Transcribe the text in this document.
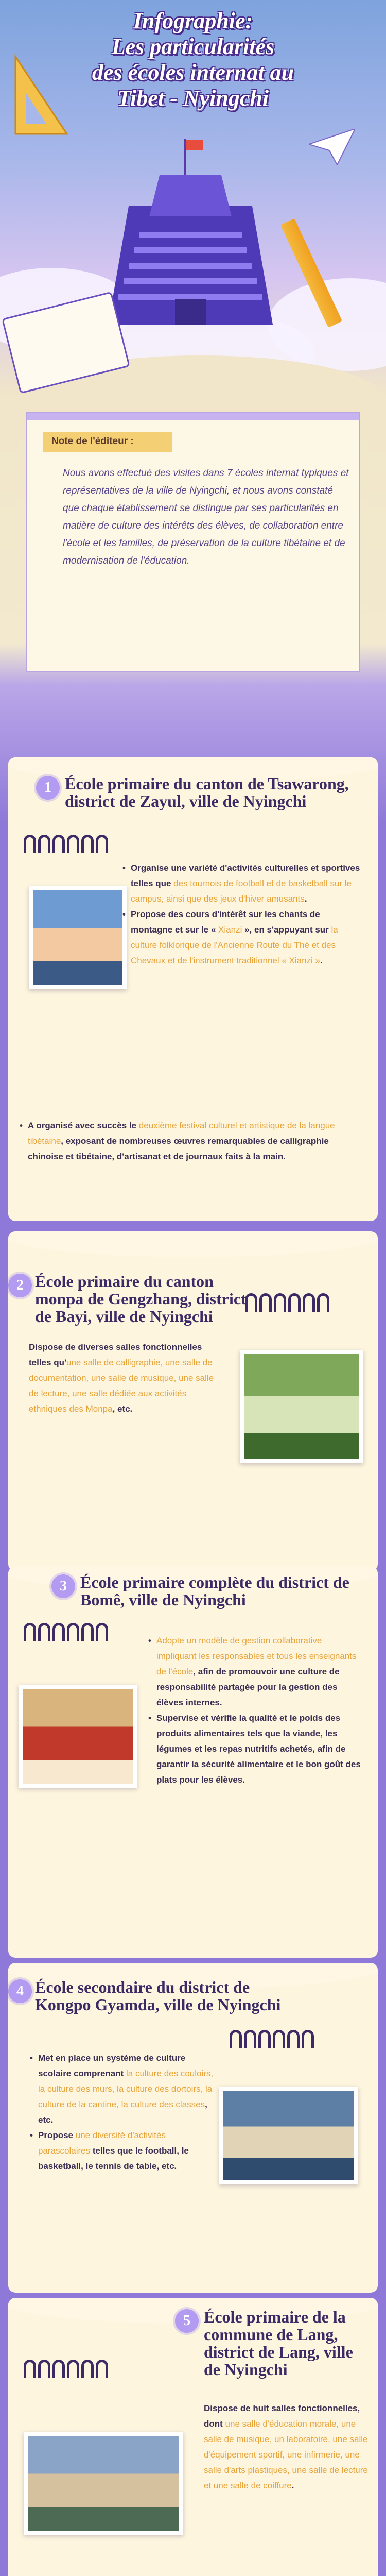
Infographie:
Les particularités
des écoles internat au
Tibet - Nyingchi
Note de l'éditeur :
Nous avons effectué des visites dans 7 écoles internat typiques et représentatives de la ville de Nyingchi, et nous avons constaté que chaque établissement se distingue par ses particularités en matière de culture des intérêts des élèves, de collaboration entre l'école et les familles, de préservation de la culture tibétaine et de modernisation de l'éducation.
1 École primaire du canton de Tsawarong, district de Zayul, ville de Nyingchi
• Organise une variété d'activités culturelles et sportives telles que des tournois de football et de basketball sur le campus, ainsi que des jeux d'hiver amusants.
• Propose des cours d'intérêt sur les chants de montagne et sur le « Xianzi », en s'appuyant sur la culture folklorique de l'Ancienne Route du Thé et des Chevaux et de l'instrument traditionnel « Xianzi ».
• A organisé avec succès le deuxième festival culturel et artistique de la langue tibétaine, exposant de nombreuses œuvres remarquables de calligraphie chinoise et tibétaine, d'artisanat et de journaux faits à la main.
2 École primaire du canton monpa de Gengzhang, district de Bayi, ville de Nyingchi
Dispose de diverses salles fonctionnelles telles qu'une salle de calligraphie, une salle de documentation, une salle de musique, une salle de lecture, une salle dédiée aux activités ethniques des Monpa, etc.
3 École primaire complète du district de Bomê, ville de Nyingchi
• Adopte un modèle de gestion collaborative impliquant les responsables et tous les enseignants de l'école, afin de promouvoir une culture de responsabilité partagée pour la gestion des élèves internes.
• Supervise et vérifie la qualité et le poids des produits alimentaires tels que la viande, les légumes et les repas nutritifs achetés, afin de garantir la sécurité alimentaire et le bon goût des plats pour les élèves.
4 École secondaire du district de Kongpo Gyamda, ville de Nyingchi
• Met en place un système de culture scolaire comprenant la culture des couloirs, la culture des murs, la culture des dortoirs, la culture de la cantine, la culture des classes, etc.
• Propose une diversité d'activités parascolaires telles que le football, le basketball, le tennis de table, etc.
5 École primaire de la commune de Lang, district de Lang, ville de Nyingchi
Dispose de huit salles fonctionnelles, dont une salle d'éducation morale, une salle de musique, un laboratoire, une salle d'équipement sportif, une infirmerie, une salle d'arts plastiques, une salle de lecture et une salle de coiffure.
